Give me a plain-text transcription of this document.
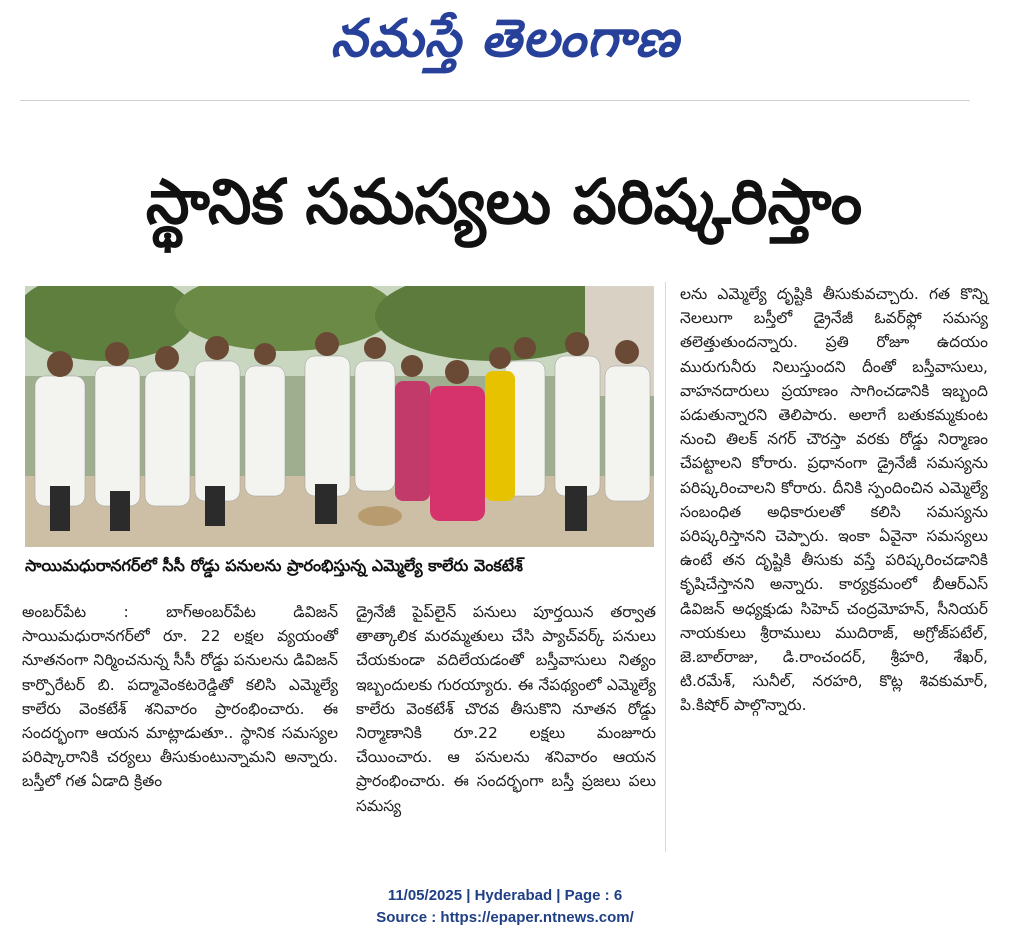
నమస్తే తెలంగాణ
స్థానిక సమస్యలు పరిష్కరిస్తాం
సాయిమధురానగర్‌లో సీసీ రోడ్డు పనులను ప్రారంభిస్తున్న ఎమ్మెల్యే కాలేరు వెంకటేశ్

లను ఎమ్మెల్యే దృష్టికి తీసుకువచ్చారు. గత కొన్ని నెలలుగా బస్తీలో డ్రైనేజీ ఓవర్‌ఫ్లో సమస్య తలెత్తుతుందన్నారు. ప్రతి రోజూ ఉదయం మురుగునీరు నిలుస్తుందని దీంతో బస్తీవాసులు, వాహనదారులు ప్రయాణం సాగించడానికి ఇబ్బంది పడుతున్నారని తెలిపారు. అలాగే బతుకమ్మకుంట నుంచి తిలక్ నగర్ చౌరస్తా వరకు రోడ్డు నిర్మాణం చేపట్టాలని కోరారు. ప్రధానంగా డ్రైనేజీ సమస్యను పరిష్కరించాలని కోరారు. దీనికి స్పందించిన ఎమ్మెల్యే సంబంధిత అధికారులతో కలిసి సమస్యను పరిష్కరిస్తానని చెప్పారు. ఇంకా ఏవైనా సమస్యలు ఉంటే తన దృష్టికి తీసుకు వస్తే పరిష్కరించడానికి కృషిచేస్తానని అన్నారు. కార్యక్రమంలో బీఆర్ఎస్ డివిజన్ అధ్యక్షుడు సిహెచ్ చంద్రమోహన్, సీనియర్ నాయకులు శ్రీరాములు ముదిరాజ్, అగ్రోజ్‌పటేల్, జె.బాల్‌రాజు, డి.రాంచందర్, శ్రీహరి, శేఖర్, టి.రమేశ్, సునీల్, నరహరి, కొట్ల శివకుమార్, పి.కిషోర్ పాల్గొన్నారు.

అంబర్‌పేట : బాగ్‌అంబర్‌పేట డివిజన్ సాయిమధురానగర్‌లో రూ. 22 లక్షల వ్యయంతో నూతనంగా నిర్మించనున్న సీసీ రోడ్డు పనులను డివిజన్ కార్పొరేటర్ బి. పద్మావెంకటరెడ్డితో కలిసి ఎమ్మెల్యే కాలేరు వెంకటేశ్ శనివారం ప్రారంభించారు. ఈ సందర్భంగా ఆయన మాట్లాడుతూ.. స్థానిక సమస్యల పరిష్కారానికి చర్యలు తీసుకుంటున్నామని అన్నారు. బస్తీలో గత ఏడాది క్రితం

డ్రైనేజీ పైప్‌లైన్ పనులు పూర్తయిన తర్వాత తాత్కాలిక మరమ్మతులు చేసి ప్యాచ్‌వర్క్ పనులు చేయకుండా వదిలేయడంతో బస్తీవాసులు నిత్యం ఇబ్బందులకు గురయ్యారు. ఈ నేపథ్యంలో ఎమ్మెల్యే కాలేరు వెంకటేశ్ చొరవ తీసుకొని నూతన రోడ్డు నిర్మాణానికి రూ.22 లక్షలు మంజూరు చేయించారు. ఆ పనులను శనివారం ఆయన ప్రారంభించారు. ఈ సందర్భంగా బస్తీ ప్రజలు పలు సమస్య

11/05/2025 | Hyderabad | Page : 6
Source : https://epaper.ntnews.com/
